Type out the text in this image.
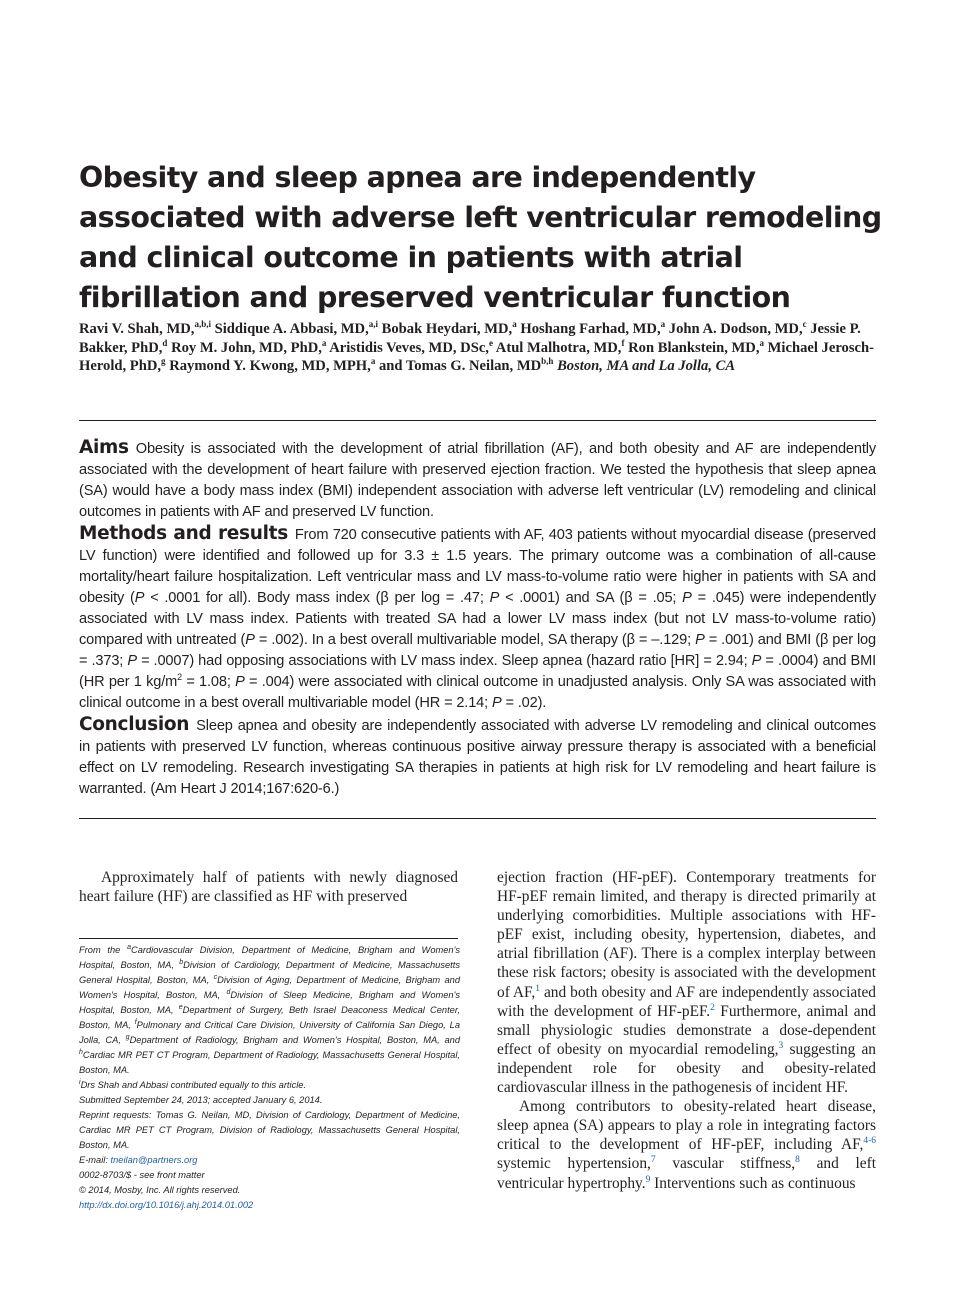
Obesity and sleep apnea are independently associated with adverse left ventricular remodeling and clinical outcome in patients with atrial fibrillation and preserved ventricular function
Ravi V. Shah, MD,$^{a,b,i}$ Siddique A. Abbasi, MD,$^{a,i}$ Bobak Heydari, MD,$^a$ Hoshang Farhad, MD,$^a$ John A. Dodson, MD,$^c$ Jessie P. Bakker, PhD,$^d$ Roy M. John, MD, PhD,$^a$ Aristidis Veves, MD, DSc,$^e$ Atul Malhotra, MD,$^f$ Ron Blankstein, MD,$^a$ Michael Jerosch-Herold, PhD,$^g$ Raymond Y. Kwong, MD, MPH,$^a$ and Tomas G. Neilan, MD$^{b,h}$ Boston, MA and La Jolla, CA

Aims Obesity is associated with the development of atrial fibrillation (AF), and both obesity and AF are independently associated with the development of heart failure with preserved ejection fraction. We tested the hypothesis that sleep apnea (SA) would have a body mass index (BMI) independent association with adverse left ventricular (LV) remodeling and clinical outcomes in patients with AF and preserved LV function.

Methods and results From 720 consecutive patients with AF, 403 patients without myocardial disease (preserved LV function) were identified and followed up for 3.3 ± 1.5 years. The primary outcome was a combination of all-cause mortality/heart failure hospitalization. Left ventricular mass and LV mass-to-volume ratio were higher in patients with SA and obesity (P < .0001 for all). Body mass index (β per log = .47; P < .0001) and SA (β = .05; P = .045) were independently associated with LV mass index. Patients with treated SA had a lower LV mass index (but not LV mass-to-volume ratio) compared with untreated (P = .002). In a best overall multivariable model, SA therapy (β = –.129; P = .001) and BMI (β per log = .373; P = .0007) had opposing associations with LV mass index. Sleep apnea (hazard ratio [HR] = 2.94; P = .0004) and BMI (HR per 1 $kg/m^2 = 1.08$; P = .004) were associated with clinical outcome in unadjusted analysis. Only SA was associated with clinical outcome in a best overall multivariable model (HR = 2.14; P = .02).

Conclusion Sleep apnea and obesity are independently associated with adverse LV remodeling and clinical outcomes in patients with preserved LV function, whereas continuous positive airway pressure therapy is associated with a beneficial effect on LV remodeling. Research investigating SA therapies in patients at high risk for LV remodeling and heart failure is warranted. (Am Heart J 2014;167:620-6.)

Approximately half of patients with newly diagnosed heart failure (HF) are classified as HF with preserved

From the $^a$Cardiovascular Division, Department of Medicine, Brigham and Women's Hospital, Boston, MA, $^b$Division of Cardiology, Department of Medicine, Massachusetts General Hospital, Boston, MA, $^c$Division of Aging, Department of Medicine, Brigham and Women's Hospital, Boston, MA, $^d$Division of Sleep Medicine, Brigham and Women's Hospital, Boston, MA, $^e$Department of Surgery, Beth Israel Deaconess Medical Center, Boston, MA, $^f$Pulmonary and Critical Care Division, University of California San Diego, La Jolla, CA, $^g$Department of Radiology, Brigham and Women's Hospital, Boston, MA, and $^h$Cardiac MR PET CT Program, Department of Radiology, Massachusetts General Hospital, Boston, MA.

$^i$Drs Shah and Abbasi contributed equally to this article.

Submitted September 24, 2013; accepted January 6, 2014.

Reprint requests: Tomas G. Neilan, MD, Division of Cardiology, Department of Medicine, Cardiac MR PET CT Program, Division of Radiology, Massachusetts General Hospital, Boston, MA.

E-mail: tneilan@partners.org

0002-8703/$ - see front matter

© 2014, Mosby, Inc. All rights reserved.

http://dx.doi.org/10.1016/j.ahj.2014.01.002

ejection fraction (HF-pEF). Contemporary treatments for HF-pEF remain limited, and therapy is directed primarily at underlying comorbidities. Multiple associations with HF-pEF exist, including obesity, hypertension, diabetes, and atrial fibrillation (AF). There is a complex interplay between these risk factors; obesity is associated with the development of AF,$^1$ and both obesity and AF are independently associated with the development of HF-pEF.$^2$ Furthermore, animal and small physiologic studies demonstrate a dose-dependent effect of obesity on myocardial remodeling,$^3$ suggesting an independent role for obesity and obesity-related cardiovascular illness in the pathogenesis of incident HF.

Among contributors to obesity-related heart disease, sleep apnea (SA) appears to play a role in integrating factors critical to the development of HF-pEF, including AF,$^{4-6}$ systemic hypertension,$^7$ vascular stiffness,$^8$ and left ventricular hypertrophy.$^9$ Interventions such as continuous
